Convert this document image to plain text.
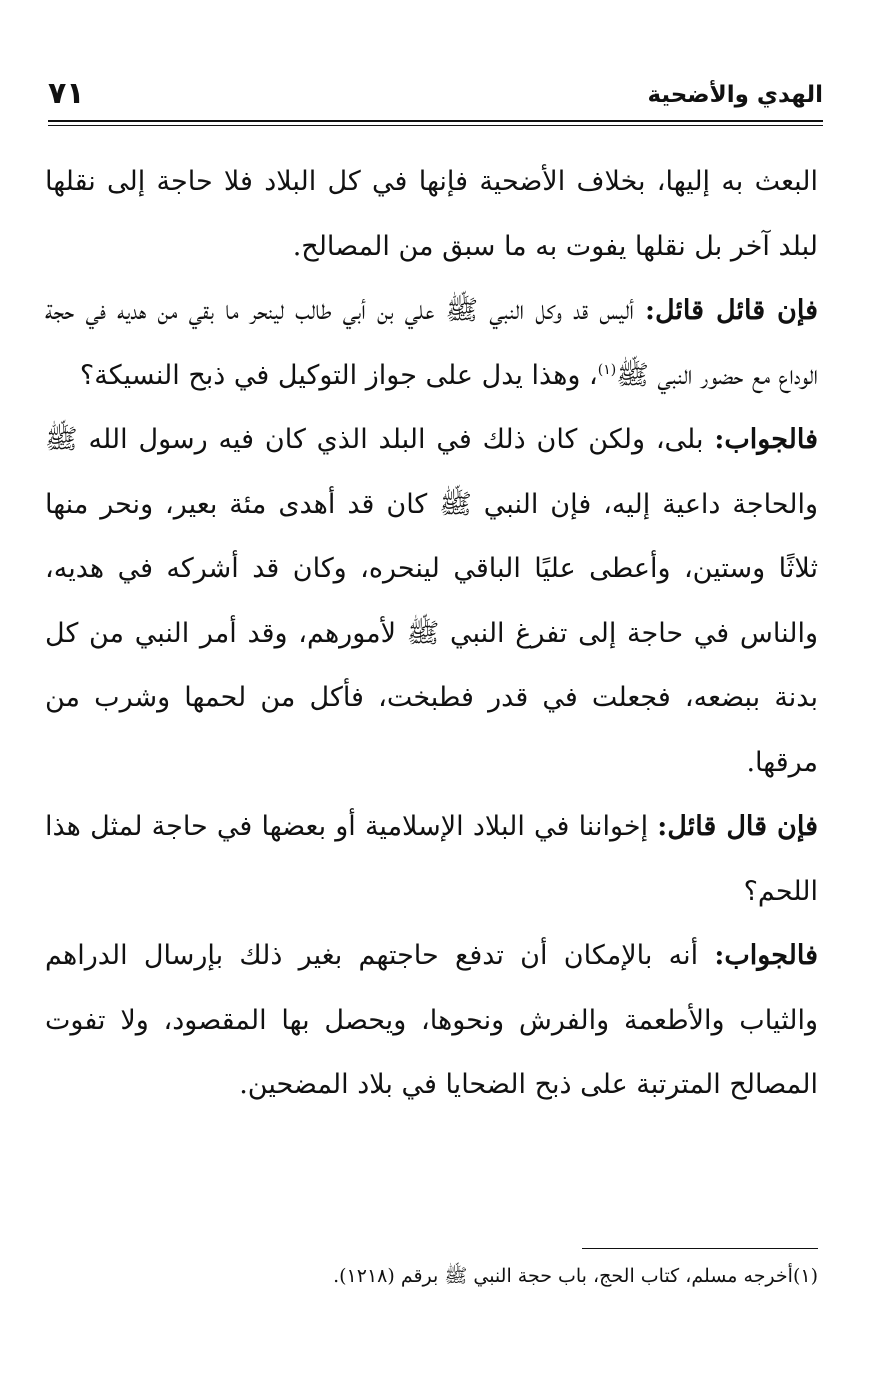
الهدي والأضحية
٧١

البعث به إليها، بخلاف الأضحية فإنها في كل البلاد فلا حاجة إلى نقلها لبلد آخر بل نقلها يفوت به ما سبق من المصالح.

فإن قائل قائل: أليس قد وكل النبي ﷺ علي بن أبي طالب لينحر ما بقي من هديه في حجة الوداع مع حضور النبي ﷺ$^{(١)}$، وهذا يدل على جواز التوكيل في ذبح النسيكة؟

فالجواب: بلى، ولكن كان ذلك في البلد الذي كان فيه رسول الله ﷺ والحاجة داعية إليه، فإن النبي ﷺ كان قد أهدى مئة بعير، ونحر منها ثلاثًا وستين، وأعطى عليًا الباقي لينحره، وكان قد أشركه في هديه، والناس في حاجة إلى تفرغ النبي ﷺ لأمورهم، وقد أمر النبي من كل بدنة ببضعه، فجعلت في قدر فطبخت، فأكل من لحمها وشرب من مرقها.

فإن قال قائل: إخواننا في البلاد الإسلامية أو بعضها في حاجة لمثل هذا اللحم؟

فالجواب: أنه بالإمكان أن تدفع حاجتهم بغير ذلك بإرسال الدراهم والثياب والأطعمة والفرش ونحوها، ويحصل بها المقصود، ولا تفوت المصالح المترتبة على ذبح الضحايا في بلاد المضحين.

(١)أخرجه مسلم، كتاب الحج، باب حجة النبي ﷺ برقم (١٢١٨).
